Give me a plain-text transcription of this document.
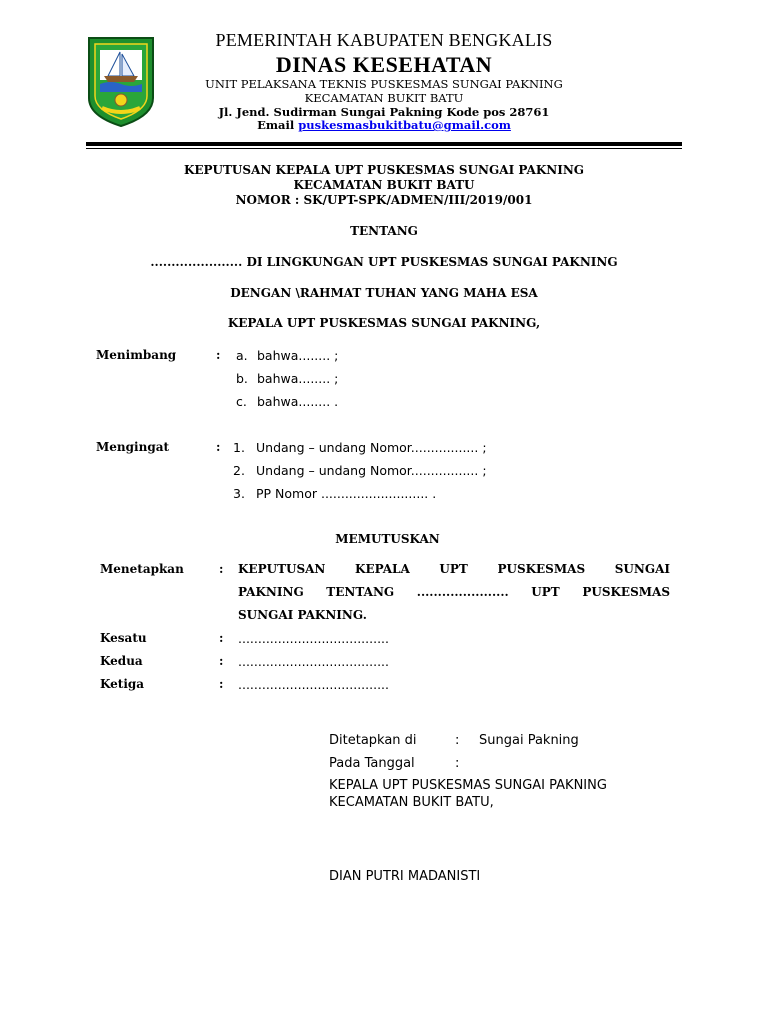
PEMERINTAH KABUPATEN BENGKALIS
DINAS KESEHATAN
UNIT PELAKSANA TEKNIS PUSKESMAS SUNGAI PAKNING
KECAMATAN BUKIT BATU
Jl. Jend. Sudirman Sungai Pakning Kode pos 28761
Email puskesmasbukitbatu@gmail.com
KEPUTUSAN KEPALA UPT PUSKESMAS SUNGAI PAKNING
KECAMATAN BUKIT BATU
NOMOR : SK/UPT-SPK/ADMEN/III/2019/001
TENTANG
...................... DI LINGKUNGAN UPT PUSKESMAS SUNGAI PAKNING
DENGAN \RAHMAT TUHAN YANG MAHA ESA
KEPALA UPT PUSKESMAS SUNGAI PAKNING,
Menimbang	: a. bahwa........ ;
b. bahwa........ ;
c. bahwa........ .
Mengingat	: 1. Undang – undang Nomor................. ;
2. Undang – undang Nomor................. ;
3. PP Nomor ........................... .
MEMUTUSKAN
Menetapkan	: KEPUTUSAN KEPALA UPT PUSKESMAS SUNGAI
PAKNING TENTANG ...................... UPT PUSKESMAS
SUNGAI PAKNING.
Kesatu	: ......................................
Kedua	: ......................................
Ketiga	: ......................................
Ditetapkan di	: Sungai Pakning
Pada Tanggal	:
KEPALA UPT PUSKESMAS SUNGAI PAKNING
KECAMATAN BUKIT BATU,
DIAN PUTRI MADANISTI
